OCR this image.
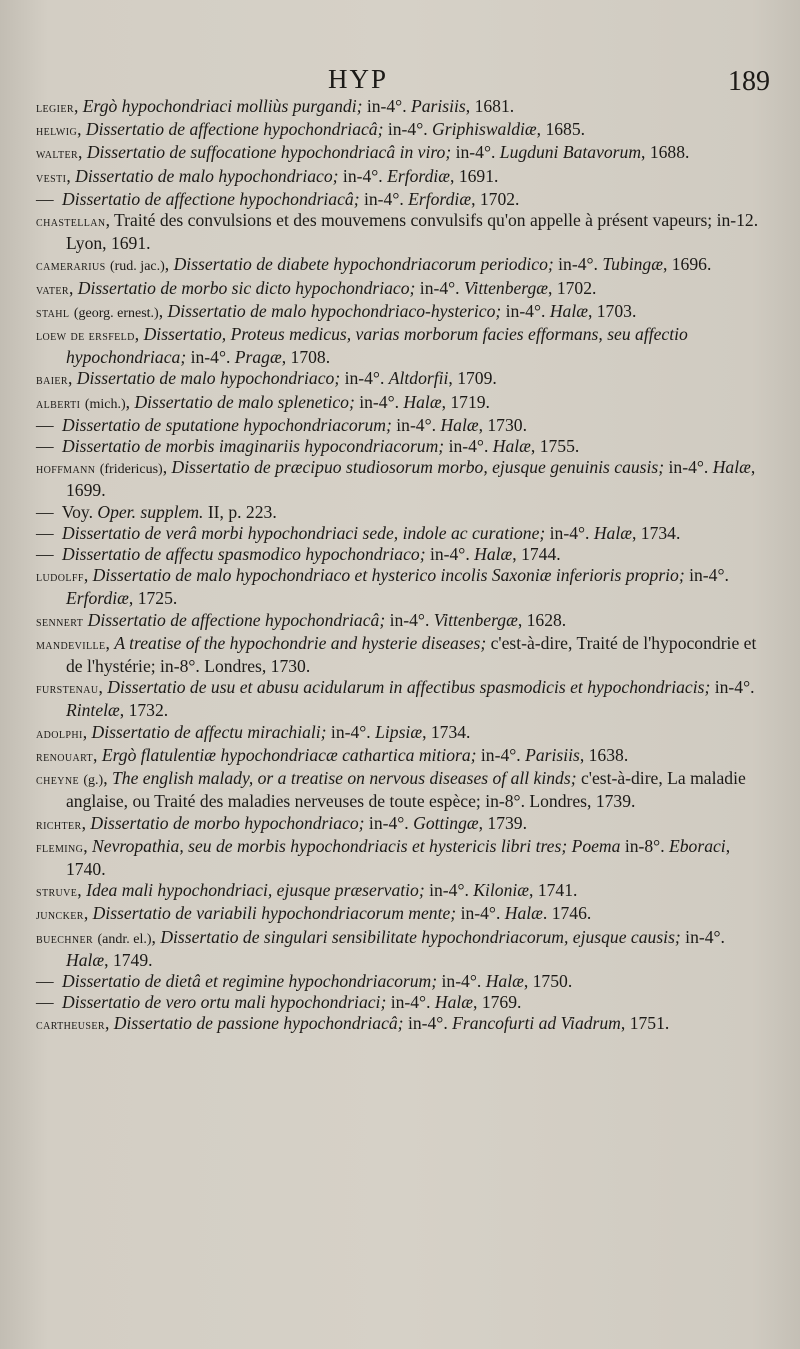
HYP	189

legier, Ergò hypochondriaci molliùs purgandi; in-4°. Parisiis, 1681.

helwig, Dissertatio de affectione hypochondriacâ; in-4°. Griphiswaldiæ, 1685.

walter, Dissertatio de suffocatione hypochondriacâ in viro; in-4°. Lugduni Batavorum, 1688.

vesti, Dissertatio de malo hypochondriaco; in-4°. Erfordiæ, 1691.

— Dissertatio de affectione hypochondriacâ; in-4°. Erfordiæ, 1702.

chastellan, Traité des convulsions et des mouvemens convulsifs qu'on appelle à présent vapeurs; in-12. Lyon, 1691.

camerarius (rud. jac.), Dissertatio de diabete hypochondriacorum periodico; in-4°. Tubingæ, 1696.

vater, Dissertatio de morbo sic dicto hypochondriaco; in-4°. Vittenbergæ, 1702.

stahl (georg. ernest.), Dissertatio de malo hypochondriaco-hysterico; in-4°. Halæ, 1703.

loew de ersfeld, Dissertatio, Proteus medicus, varias morborum facies efformans, seu affectio hypochondriaca; in-4°. Pragæ, 1708.

baier, Dissertatio de malo hypochondriaco; in-4°. Altdorfii, 1709.

alberti (mich.), Dissertatio de malo splenetico; in-4°. Halæ, 1719.

— Dissertatio de sputatione hypochondriacorum; in-4°. Halæ, 1730.

— Dissertatio de morbis imaginariis hypocondriacorum; in-4°. Halæ, 1755.

hoffmann (fridericus), Dissertatio de præcipuo studiosorum morbo, ejusque genuinis causis; in-4°. Halæ, 1699.

— Voy. Oper. supplem. II, p. 223.

— Dissertatio de verâ morbi hypochondriaci sede, indole ac curatione; in-4°. Halæ, 1734.

— Dissertatio de affectu spasmodico hypochondriaco; in-4°. Halæ, 1744.

ludolff, Dissertatio de malo hypochondriaco et hysterico incolis Saxoniæ inferioris proprio; in-4°. Erfordiæ, 1725.

sennert Dissertatio de affectione hypochondriacâ; in-4°. Vittenbergæ, 1628.

mandeville, A treatise of the hypochondrie and hysterie diseases; c'est-à-dire, Traité de l'hypocondrie et de l'hystérie; in-8°. Londres, 1730.

furstenau, Dissertatio de usu et abusu acidularum in affectibus spasmodicis et hypochondriacis; in-4°. Rintelæ, 1732.

adolphi, Dissertatio de affectu mirachiali; in-4°. Lipsiæ, 1734.

renouart, Ergò flatulentiæ hypochondriacæ cathartica mitiora; in-4°. Parisiis, 1638.

cheyne (g.), The english malady, or a treatise on nervous diseases of all kinds; c'est-à-dire, La maladie anglaise, ou Traité des maladies nerveuses de toute espèce; in-8°. Londres, 1739.

richter, Dissertatio de morbo hypochondriaco; in-4°. Gottingæ, 1739.

fleming, Nevropathia, seu de morbis hypochondriacis et hystericis libri tres; Poema in-8°. Eboraci, 1740.

struve, Idea mali hypochondriaci, ejusque præservatio; in-4°. Kiloniæ, 1741.

juncker, Dissertatio de variabili hypochondriacorum mente; in-4°. Halæ. 1746.

buechner (andr. el.), Dissertatio de singulari sensibilitate hypochondriacorum, ejusque causis; in-4°. Halæ, 1749.

— Dissertatio de dietâ et regimine hypochondriacorum; in-4°. Halæ, 1750.

— Dissertatio de vero ortu mali hypochondriaci; in-4°. Halæ, 1769.

cartheuser, Dissertatio de passione hypochondriacâ; in-4°. Francofurti ad Viadrum, 1751.
